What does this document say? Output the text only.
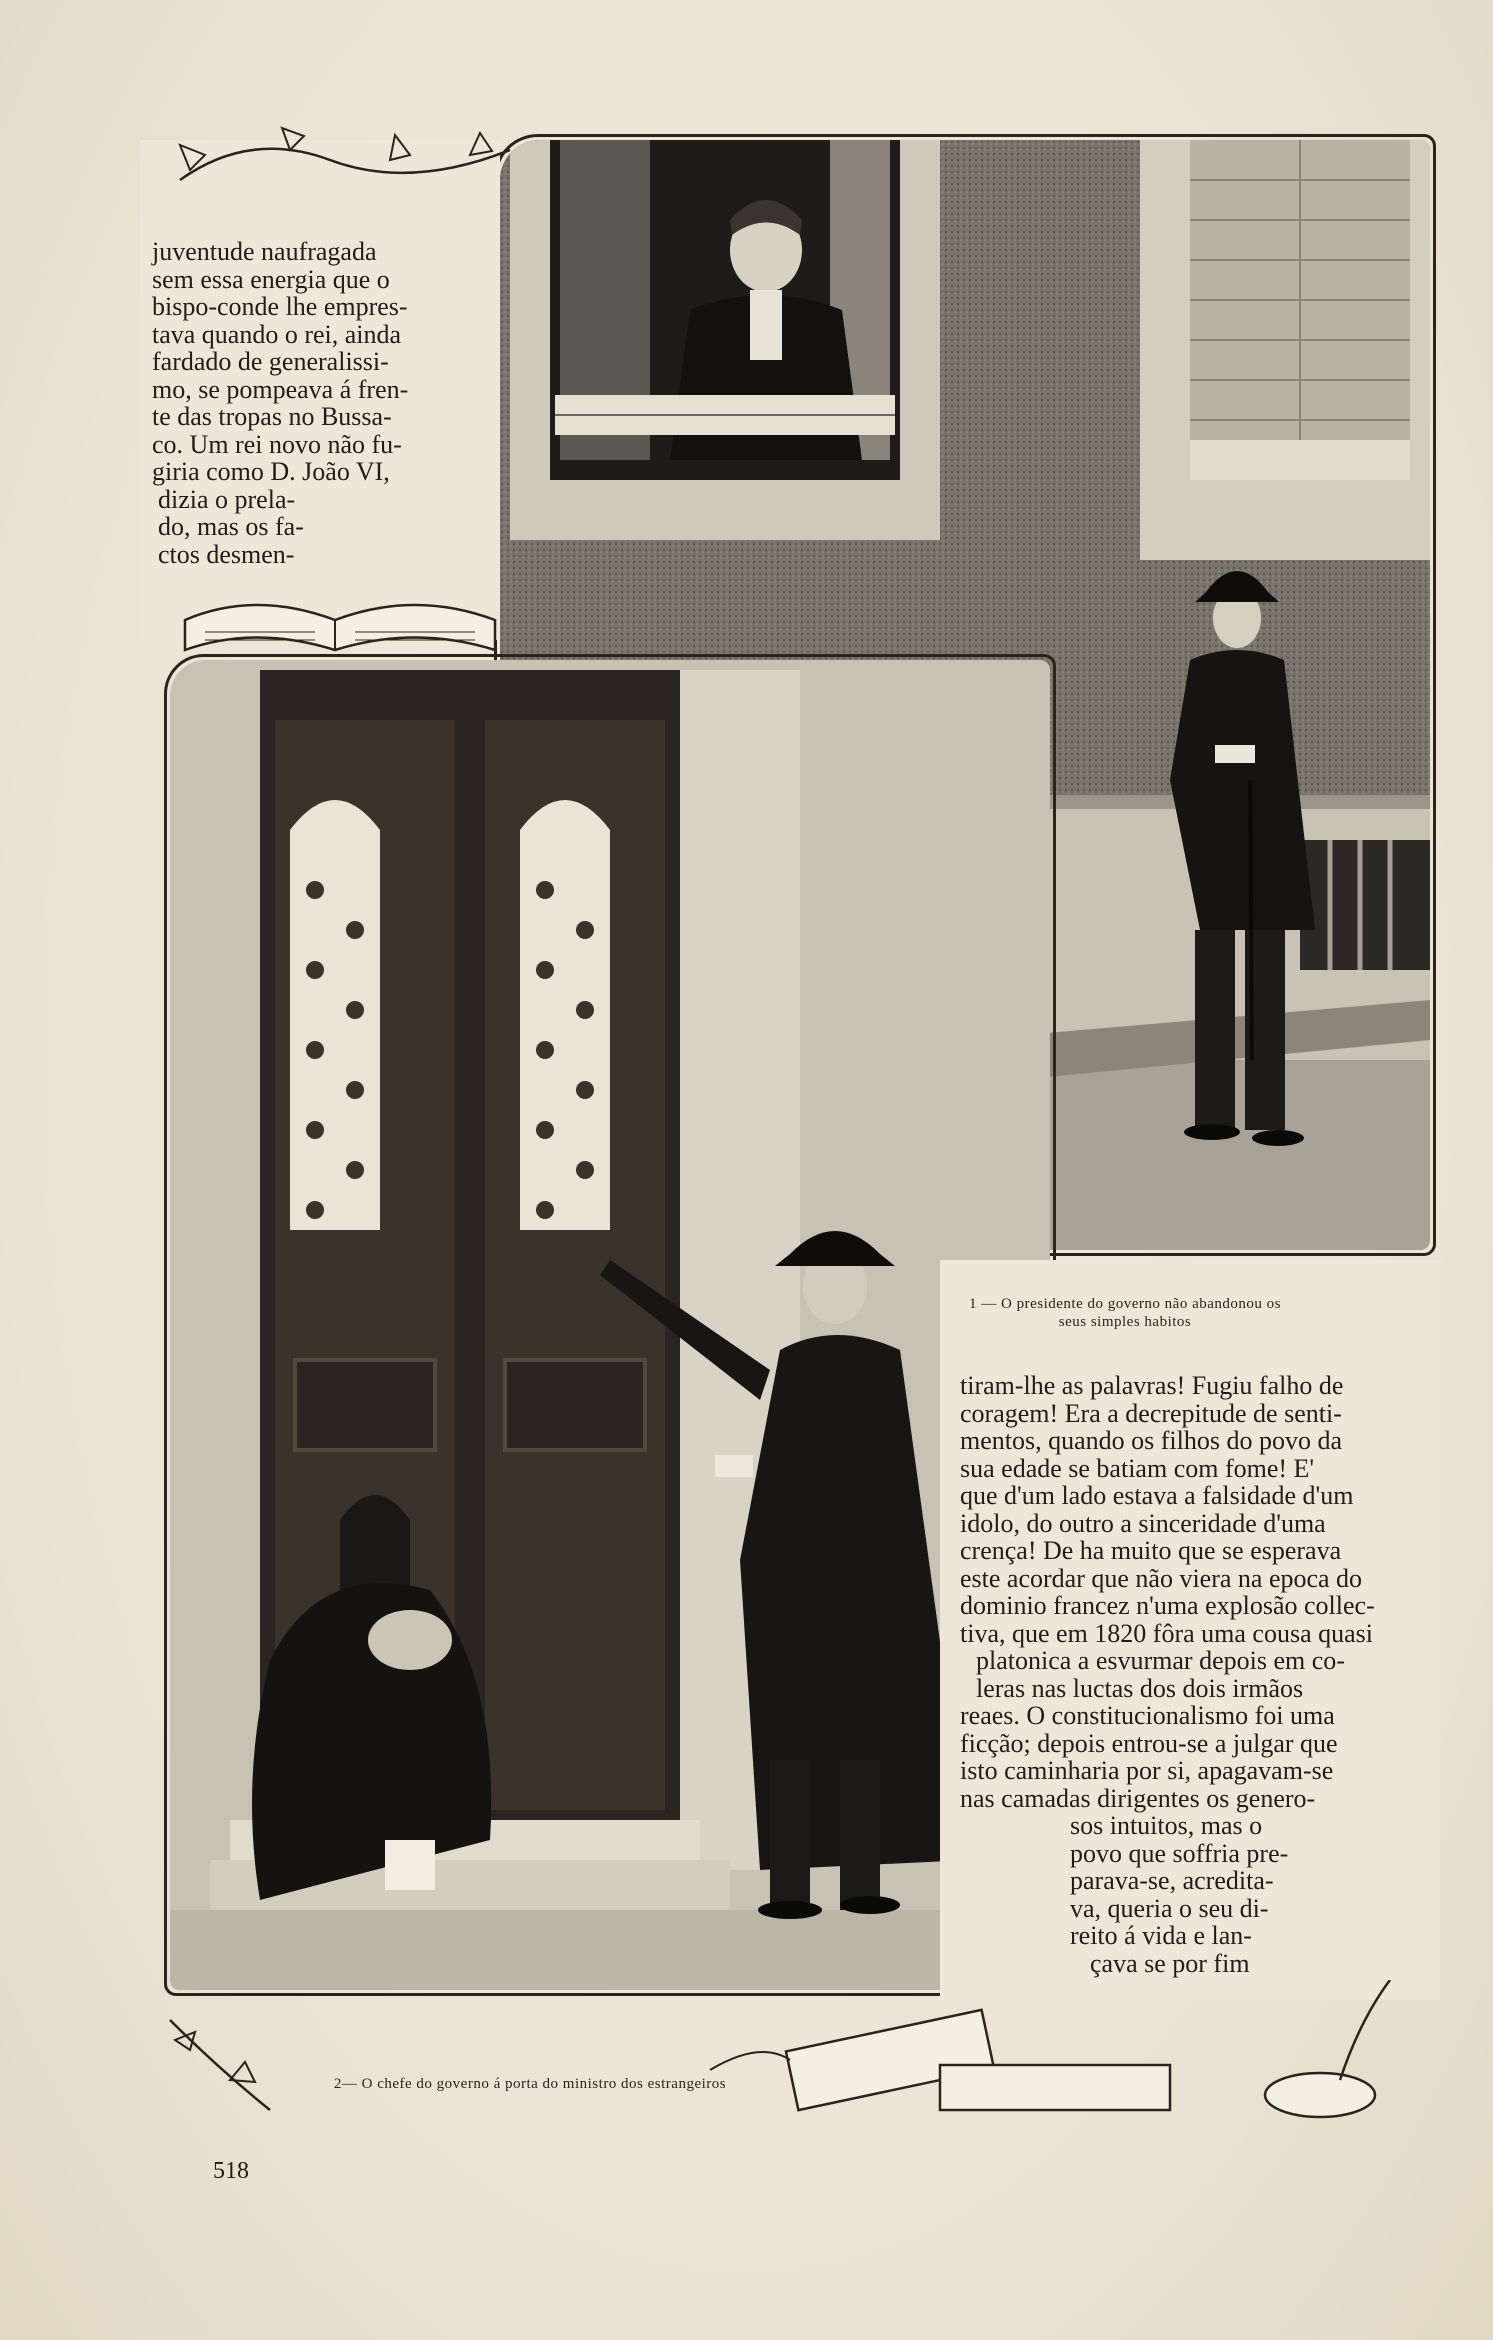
juventude naufragada
sem essa energia que o
bispo-conde lhe empres-
tava quando o rei, ainda
fardado de generalissi-
mo, se pompeava á fren-
te das tropas no Bussa-
co. Um rei novo não fu-
giria como D. João VI,
dizia o prela-
do, mas os fa-
ctos desmen-
1 — O presidente do governo não abandonou os seus simples habitos
tiram-lhe as palavras! Fugiu falho de
coragem! Era a decrepitude de senti-
mentos, quando os filhos do povo da
sua edade se batiam com fome! E'
que d'um lado estava a falsidade d'um
idolo, do outro a sinceridade d'uma
crença! De ha muito que se esperava
este acordar que não viera na epoca do
dominio francez n'uma explosão collec-
tiva, que em 1820 fôra uma cousa quasi
platonica a esvurmar depois em co-
leras nas luctas dos dois irmãos
reaes. O constitucionalismo foi uma
ficção; depois entrou-se a julgar que
isto caminharia por si, apagavam-se
nas camadas dirigentes os genero-
sos intuitos, mas o
povo que soffria pre-
parava-se, acredita-
va, queria o seu di-
reito á vida e lan-
çava se por fim
2— O chefe do governo á porta do ministro dos estrangeiros
518
